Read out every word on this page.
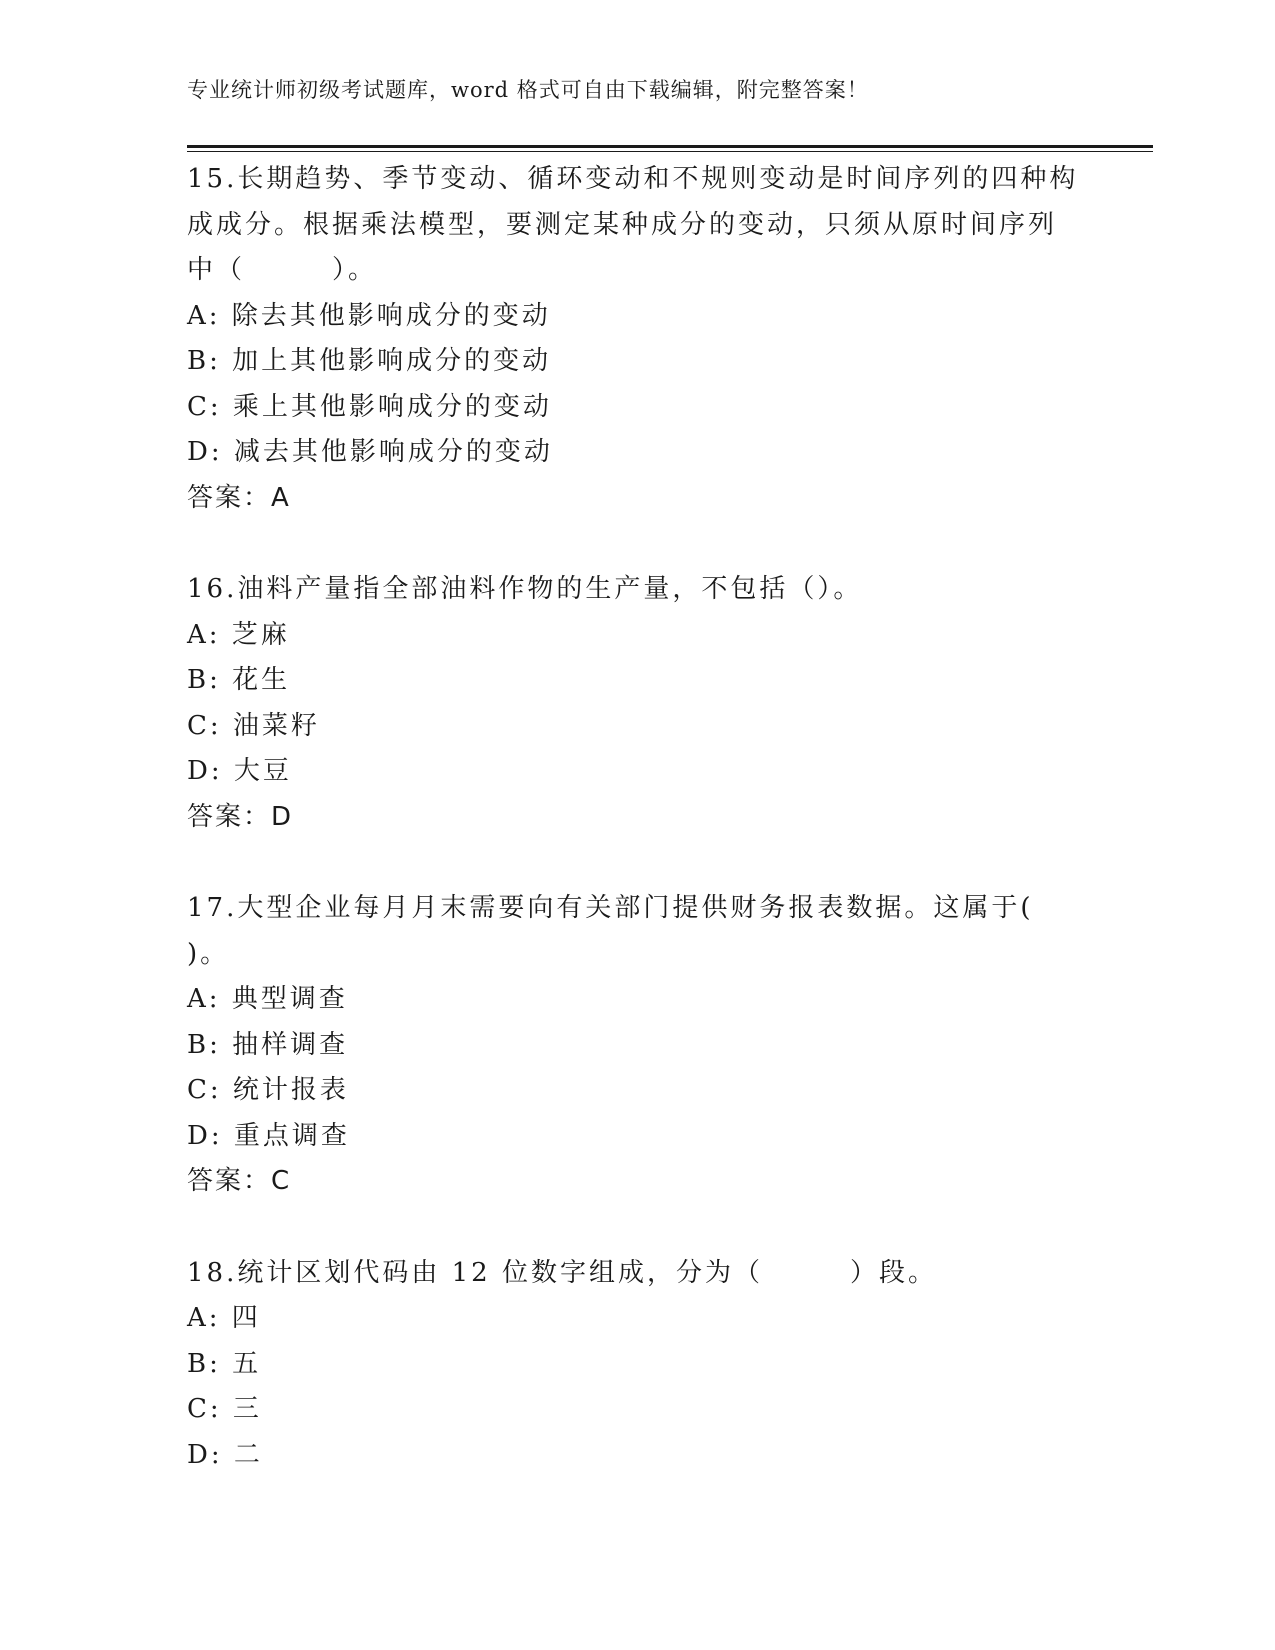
专业统计师初级考试题库，word 格式可自由下载编辑，附完整答案！
15.长期趋势、季节变动、循环变动和不规则变动是时间序列的四种构
成成分。根据乘法模型，要测定某种成分的变动，只须从原时间序列
中（　　　）。
A: 除去其他影响成分的变动
B: 加上其他影响成分的变动
C: 乘上其他影响成分的变动
D: 减去其他影响成分的变动
答案：A
16.油料产量指全部油料作物的生产量，不包括（）。
A: 芝麻
B: 花生
C: 油菜籽
D: 大豆
答案：D
17.大型企业每月月末需要向有关部门提供财务报表数据。这属于(
)。
A: 典型调查
B: 抽样调查
C: 统计报表
D: 重点调查
答案：C
18.统计区划代码由 12 位数字组成，分为（　　　）段。
A: 四
B: 五
C: 三
D: 二
